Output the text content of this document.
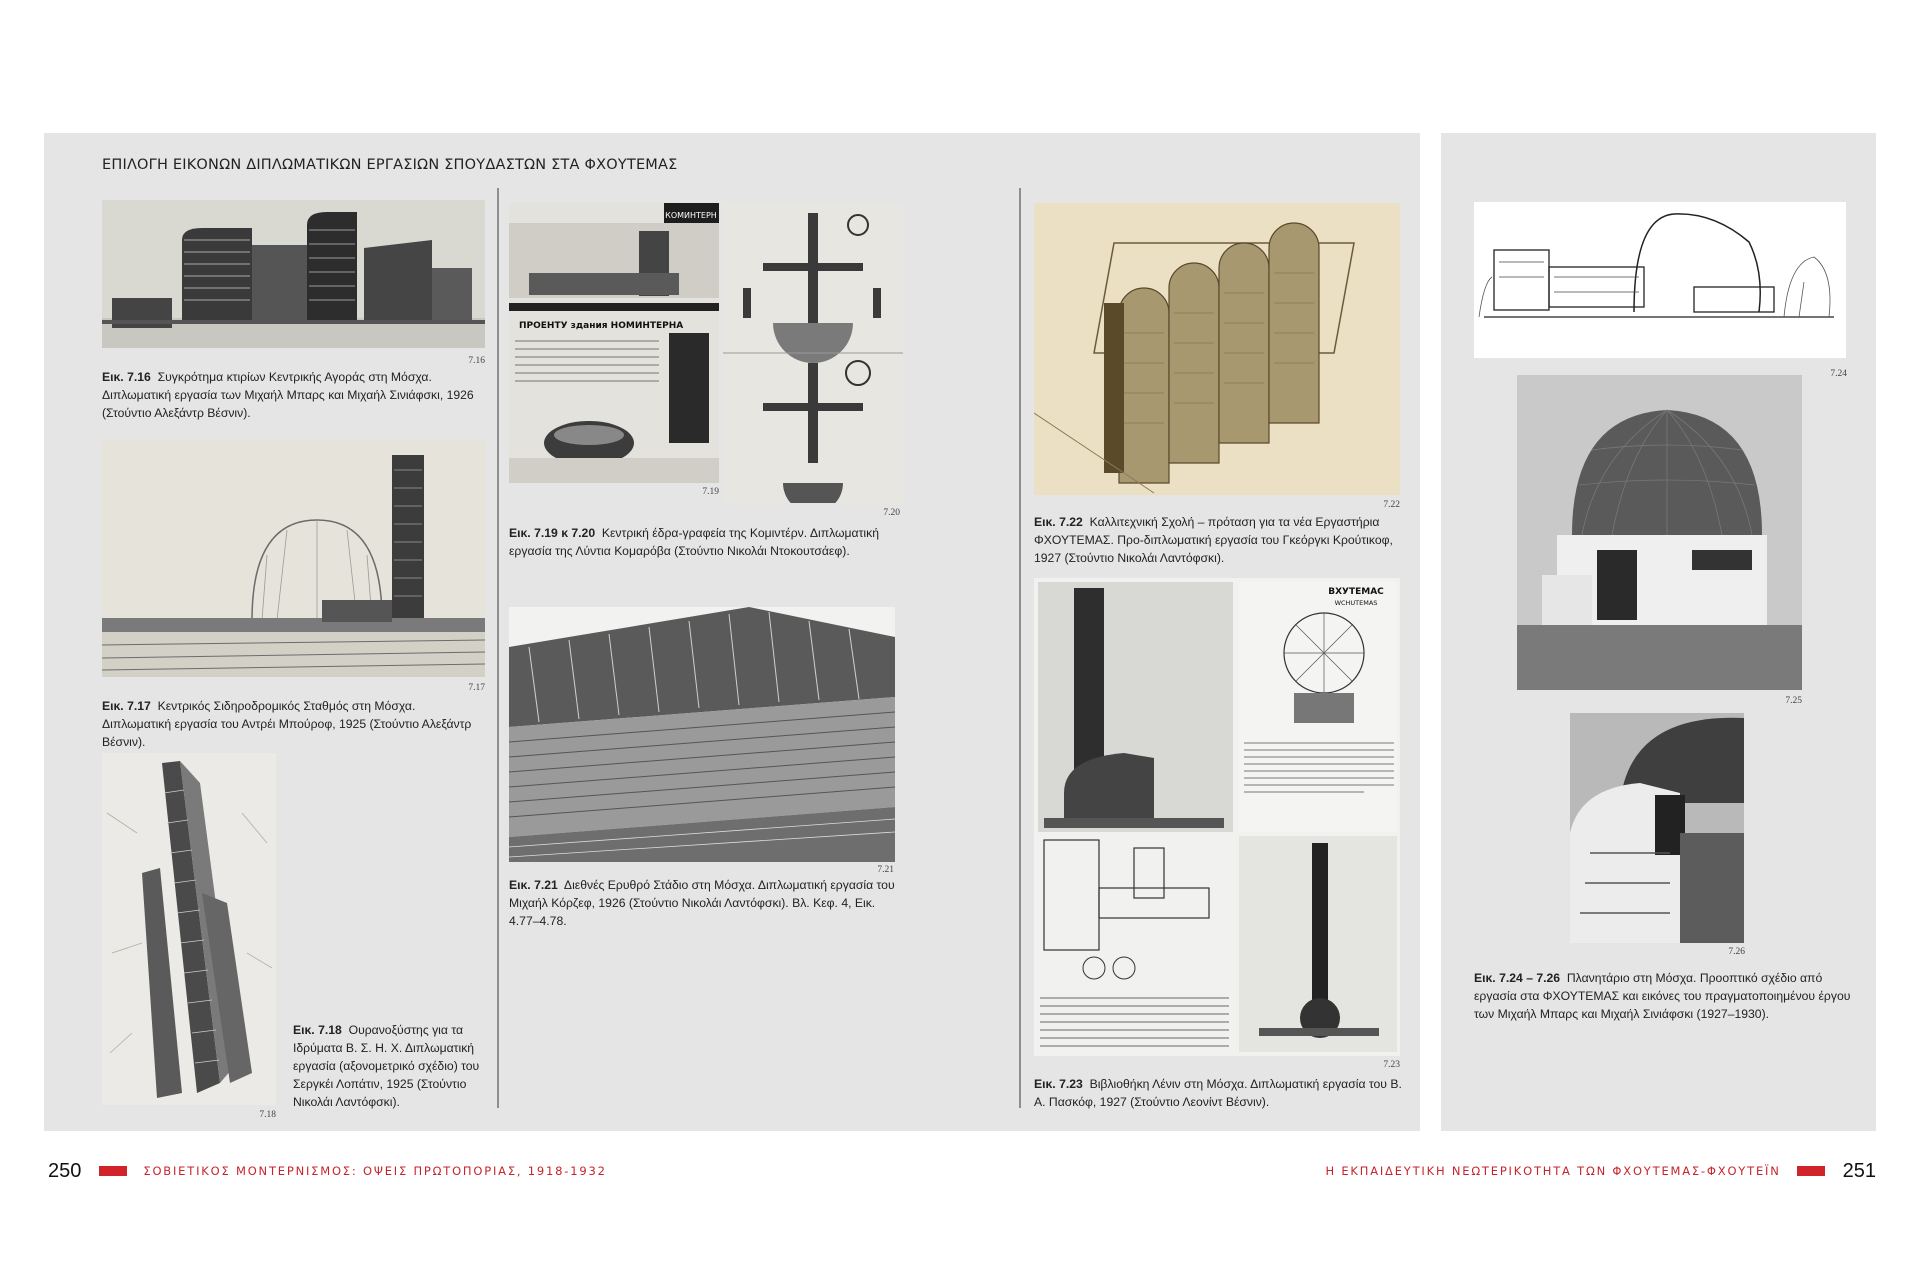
ΕΠΙΛΟΓΗ ΕΙΚΟΝΩΝ ΔΙΠΛΩΜΑΤΙΚΩΝ ΕΡΓΑΣΙΩΝ ΣΠΟΥΔΑΣΤΩΝ ΣΤΑ ΦΧΟΥΤΕΜΑΣ
7.16
Εικ. 7.16 Συγκρότημα κτιρίων Κεντρικής Αγοράς στη Μόσχα. Διπλωματική εργασία των Μιχαήλ Μπαρς και Μιχαήλ Σινιάφσκι, 1926 (Στούντιο Αλεξάντρ Βέσνιν).
7.17
Εικ. 7.17 Κεντρικός Σιδηροδρομικός Σταθμός στη Μόσχα. Διπλωματική εργασία του Αντρέι Μπούροφ, 1925 (Στούντιο Αλεξάντρ Βέσνιν).
7.18
Εικ. 7.18 Ουρανοξύστης για τα Ιδρύματα Β. Σ. Η. Χ. Διπλωματική εργασία (αξονομετρικό σχέδιο) του Σεργκέι Λοπάτιν, 1925 (Στούντιο Νικολάι Λαντόφσκι).
КОМИНТЕРН
ПРОЕНТУ здания НОМИНТЕРНА
7.19
7.20
Εικ. 7.19 κ 7.20 Κεντρική έδρα-γραφεία της Κομιντέρν. Διπλωματική εργασία της Λύντια Κομαρόβα (Στούντιο Νικολάι Ντοκουτσάεφ).
7.21
Εικ. 7.21 Διεθνές Ερυθρό Στάδιο στη Μόσχα. Διπλωματική εργασία του Μιχαήλ Κόρζεφ, 1926 (Στούντιο Νικολάι Λαντόφσκι). Βλ. Κεφ. 4, Εικ. 4.77–4.78.
7.22
Εικ. 7.22 Καλλιτεχνική Σχολή – πρόταση για τα νέα Εργαστήρια ΦΧΟΥΤΕΜΑΣ. Προ-διπλωματική εργασία του Γκεόργκι Κρούτικοφ, 1927 (Στούντιο Νικολάι Λαντόφσκι).
ВХУТЕМАС
WCHUTEMAS
7.23
Εικ. 7.23 Βιβλιοθήκη Λένιν στη Μόσχα. Διπλωματική εργασία του Β. Α. Πασκόφ, 1927 (Στούντιο Λεονίντ Βέσνιν).
7.24
7.25
7.26
Εικ. 7.24 – 7.26 Πλανητάριο στη Μόσχα. Προοπτικό σχέδιο από εργασία στα ΦΧΟΥΤΕΜΑΣ και εικόνες του πραγματοποιημένου έργου των Μιχαήλ Μπαρς και Μιχαήλ Σινιάφσκι (1927–1930).
250	ΣΟΒΙΕΤΙΚΟΣ ΜΟΝΤΕΡΝΙΣΜΟΣ: ΟΨΕΙΣ ΠΡΩΤΟΠΟΡΙΑΣ, 1918-1932	Η ΕΚΠΑΙΔΕΥΤΙΚΗ ΝΕΩΤΕΡΙΚΟΤΗΤΑ ΤΩΝ ΦΧΟΥΤΕΜΑΣ-ΦΧΟΥΤΕΪΝ	251
